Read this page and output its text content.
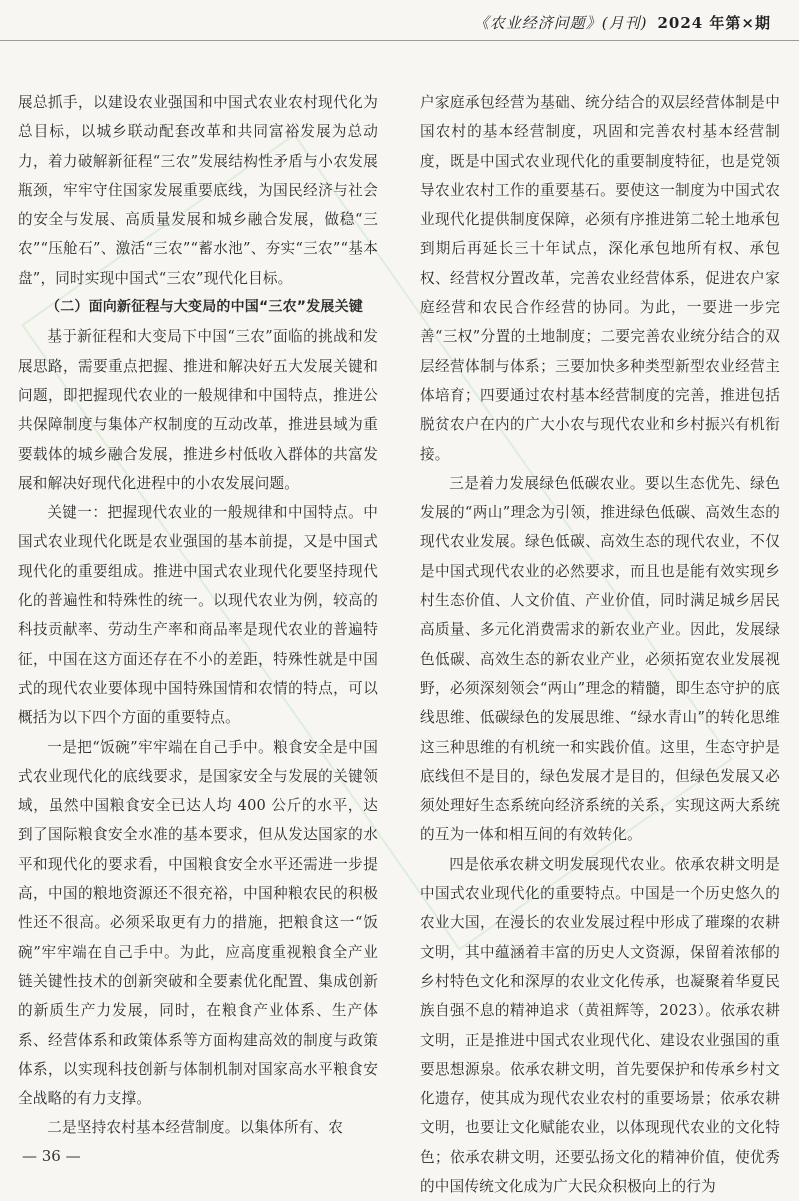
《农业经济问题》(月刊) 2024 年第×期

展总抓手，以建设农业强国和中国式农业农村现代化为总目标，以城乡联动配套改革和共同富裕发展为总动力，着力破解新征程“三农”发展结构性矛盾与小农发展瓶颈，牢牢守住国家发展重要底线，为国民经济与社会的安全与发展、高质量发展和城乡融合发展，做稳“三农”“压舱石”、激活“三农”“蓄水池”、夯实“三农”“基本盘”，同时实现中国式“三农”现代化目标。

（二）面向新征程与大变局的中国“三农”发展关键

基于新征程和大变局下中国“三农”面临的挑战和发展思路，需要重点把握、推进和解决好五大发展关键和问题，即把握现代农业的一般规律和中国特点，推进公共保障制度与集体产权制度的互动改革，推进县域为重要载体的城乡融合发展，推进乡村低收入群体的共富发展和解决好现代化进程中的小农发展问题。

关键一：把握现代农业的一般规律和中国特点。中国式农业现代化既是农业强国的基本前提，又是中国式现代化的重要组成。推进中国式农业现代化要坚持现代化的普遍性和特殊性的统一。以现代农业为例，较高的科技贡献率、劳动生产率和商品率是现代农业的普遍特征，中国在这方面还存在不小的差距，特殊性就是中国式的现代农业要体现中国特殊国情和农情的特点，可以概括为以下四个方面的重要特点。

一是把“饭碗”牢牢端在自己手中。粮食安全是中国式农业现代化的底线要求，是国家安全与发展的关键领域，虽然中国粮食安全已达人均 400 公斤的水平，达到了国际粮食安全水准的基本要求，但从发达国家的水平和现代化的要求看，中国粮食安全水平还需进一步提高，中国的粮地资源还不很充裕，中国种粮农民的积极性还不很高。必须采取更有力的措施，把粮食这一“饭碗”牢牢端在自己手中。为此，应高度重视粮食全产业链关键性技术的创新突破和全要素优化配置、集成创新的新质生产力发展，同时，在粮食产业体系、生产体系、经营体系和政策体系等方面构建高效的制度与政策体系，以实现科技创新与体制机制对国家高水平粮食安全战略的有力支撑。

二是坚持农村基本经营制度。以集体所有、农

户家庭承包经营为基础、统分结合的双层经营体制是中国农村的基本经营制度，巩固和完善农村基本经营制度，既是中国式农业现代化的重要制度特征，也是党领导农业农村工作的重要基石。要使这一制度为中国式农业现代化提供制度保障，必须有序推进第二轮土地承包到期后再延长三十年试点，深化承包地所有权、承包权、经营权分置改革，完善农业经营体系，促进农户家庭经营和农民合作经营的协同。为此，一要进一步完善“三权”分置的土地制度；二要完善农业统分结合的双层经营体制与体系；三要加快多种类型新型农业经营主体培育；四要通过农村基本经营制度的完善，推进包括脱贫农户在内的广大小农与现代农业和乡村振兴有机衔接。

三是着力发展绿色低碳农业。要以生态优先、绿色发展的“两山”理念为引领，推进绿色低碳、高效生态的现代农业发展。绿色低碳、高效生态的现代农业，不仅是中国式现代农业的必然要求，而且也是能有效实现乡村生态价值、人文价值、产业价值，同时满足城乡居民高质量、多元化消费需求的新农业产业。因此，发展绿色低碳、高效生态的新农业产业，必须拓宽农业发展视野，必须深刻领会“两山”理念的精髓，即生态守护的底线思维、低碳绿色的发展思维、“绿水青山”的转化思维这三种思维的有机统一和实践价值。这里，生态守护是底线但不是目的，绿色发展才是目的，但绿色发展又必须处理好生态系统向经济系统的关系，实现这两大系统的互为一体和相互间的有效转化。

四是依承农耕文明发展现代农业。依承农耕文明是中国式农业现代化的重要特点。中国是一个历史悠久的农业大国，在漫长的农业发展过程中形成了璀璨的农耕文明，其中蕴涵着丰富的历史人文资源，保留着浓郁的乡村特色文化和深厚的农业文化传承，也凝聚着华夏民族自强不息的精神追求（黄祖辉等，2023）。依承农耕文明，正是推进中国式农业现代化、建设农业强国的重要思想源泉。依承农耕文明，首先要保护和传承乡村文化遗存，使其成为现代农业农村的重要场景；依承农耕文明，也要让文化赋能农业，以体现现代农业的文化特色；依承农耕文明，还要弘扬文化的精神价值，使优秀的中国传统文化成为广大民众积极向上的行为

— 36 —
